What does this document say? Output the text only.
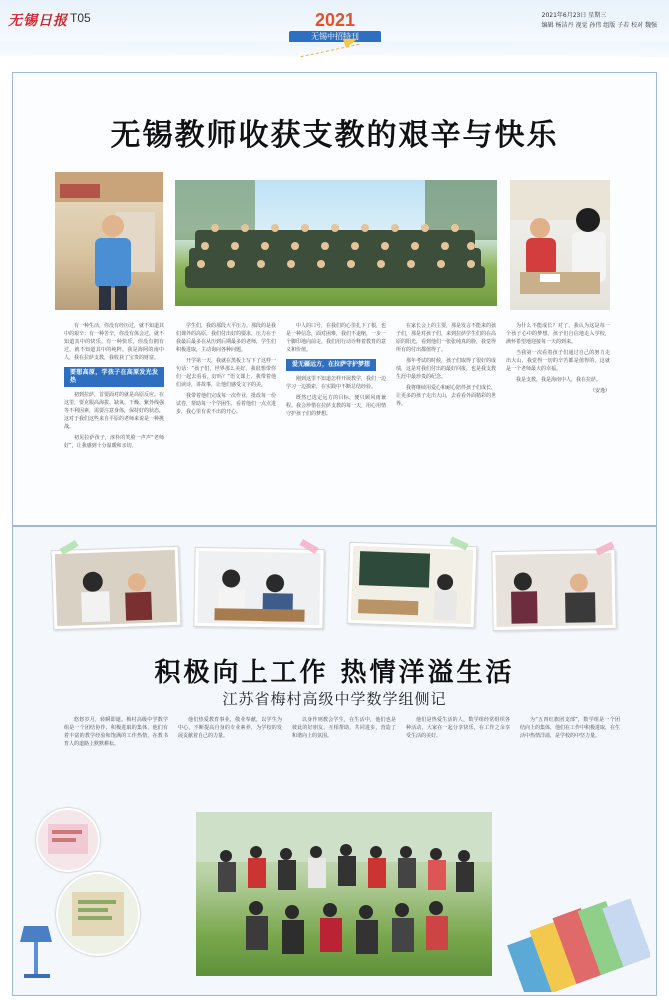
无锡日报 T05	2021
无锡中招特刊
2021年6月23日 星期三
编辑 杨洁丹 视觉 孙伟 组版 子若 校对 魏强
无锡教师收获支教的艰辛与快乐

有一种生活，你没有经历过，就不知道其中的艰辛；有一种苦辛，你没有体会过，就不知道其中的快乐。有一种快乐，你没有拥有过，就不知道其中的纯粹。我是海阿的南中人，我在拉萨支教，我收获了宝贵的财富。

要想高原，学孩子在高原发光发热

初到拉萨，首要面对的就是高原反应。在这里，要克服高海拔、缺氧、干燥、紫外线强等不利因素，需要注意身体，保持好的状态，这对于我们这些来自平原的老师来说是一种挑战。

初见拉萨孩子，淳朴的笑脸一声声“老师好”，让我感到十分温暖和亲切。

学生们，我的那段大平压力。那段的是我们课外的高原，我们付出好的要求，压力在于我最后最多在从历到后期最多的老师，学生们积极进取，主动询问各种问题。

开学第一天，我就在黑板上写下了这样一句话：“孩子们，世界那么美好，我很想带你们一起去看看，好吗？”语文课上，我带着他们读诗，讲故事，让他们感受文字的美。

我带着他们完成每一次作业，批改每一份试卷，帮助每一个学困生，看着他们一点点进步，我心里有说不出的开心。

中人的口号，在我们的心里扎下了根，也是一种信念，面对困难，我们不退缩，一步一个脚印地向前走，我们用行动诠释着教育的意义和价值。

爱无疆远方，在拉萨守护梦想

刚到这里不知道怎样开展教学，我们一边学习一边摸索，在实践中不断总结经验。

既然已选定远方的目标，便只顾风雨兼程。我会珍惜在拉萨支教的每一天，用心用情守护孩子们的梦想。

在家长会上的主要，那是发言不能来的孩子们，那是对孩子们，来到拉萨学生们的在高原的阳光，看到他们一张张纯真的脸，我觉得所有的付出都值得了。

那年考试的时候，孩子们取得了很好的成绩，这是对我们付出的最好回报，也是我支教生涯中最珍贵的纪念。

我将继续用爱心和耐心陪伴孩子们成长，让更多的孩子走出大山，去看看外面精彩的世界。

为什么不能成长？对了，我认为这是每一个孩子心中的梦想，孩子们自信地走入学校，满怀希望地迎接每一天的到来。

当我第一次看着孩子们通过自己的努力走出大山，我觉得一切的辛苦都是值得的，这就是一个老师最大的幸福。

我是支教，我是海南中人，我在拉萨。

（安逸）
积极向上工作 热情洋溢生活
江苏省梅村高级中学数学组侧记

悠悠岁月，转瞬即逝。梅村高级中学数学组是一个团结协作、积极进取的集体，他们有着丰富的教学经验和饱满的工作热情，在教书育人的道路上默默耕耘。

他们热爱教育事业，敬业奉献，以学生为中心，不断提高自身的专业素养，为学校的发展贡献着自己的力量。

以身作则教会学生，在生活中，他们也是彼此的好朋友，互相帮助，共同进步，营造了和谐向上的氛围。

他们是热爱生活的人，数学组经常组织各种活动，大家在一起分享快乐，在工作之余享受生活的美好。

为“五四红旗团支部”，数学组是一个团结向上的集体，他们在工作中积极进取，在生活中热情洋溢，是学校的中坚力量。
